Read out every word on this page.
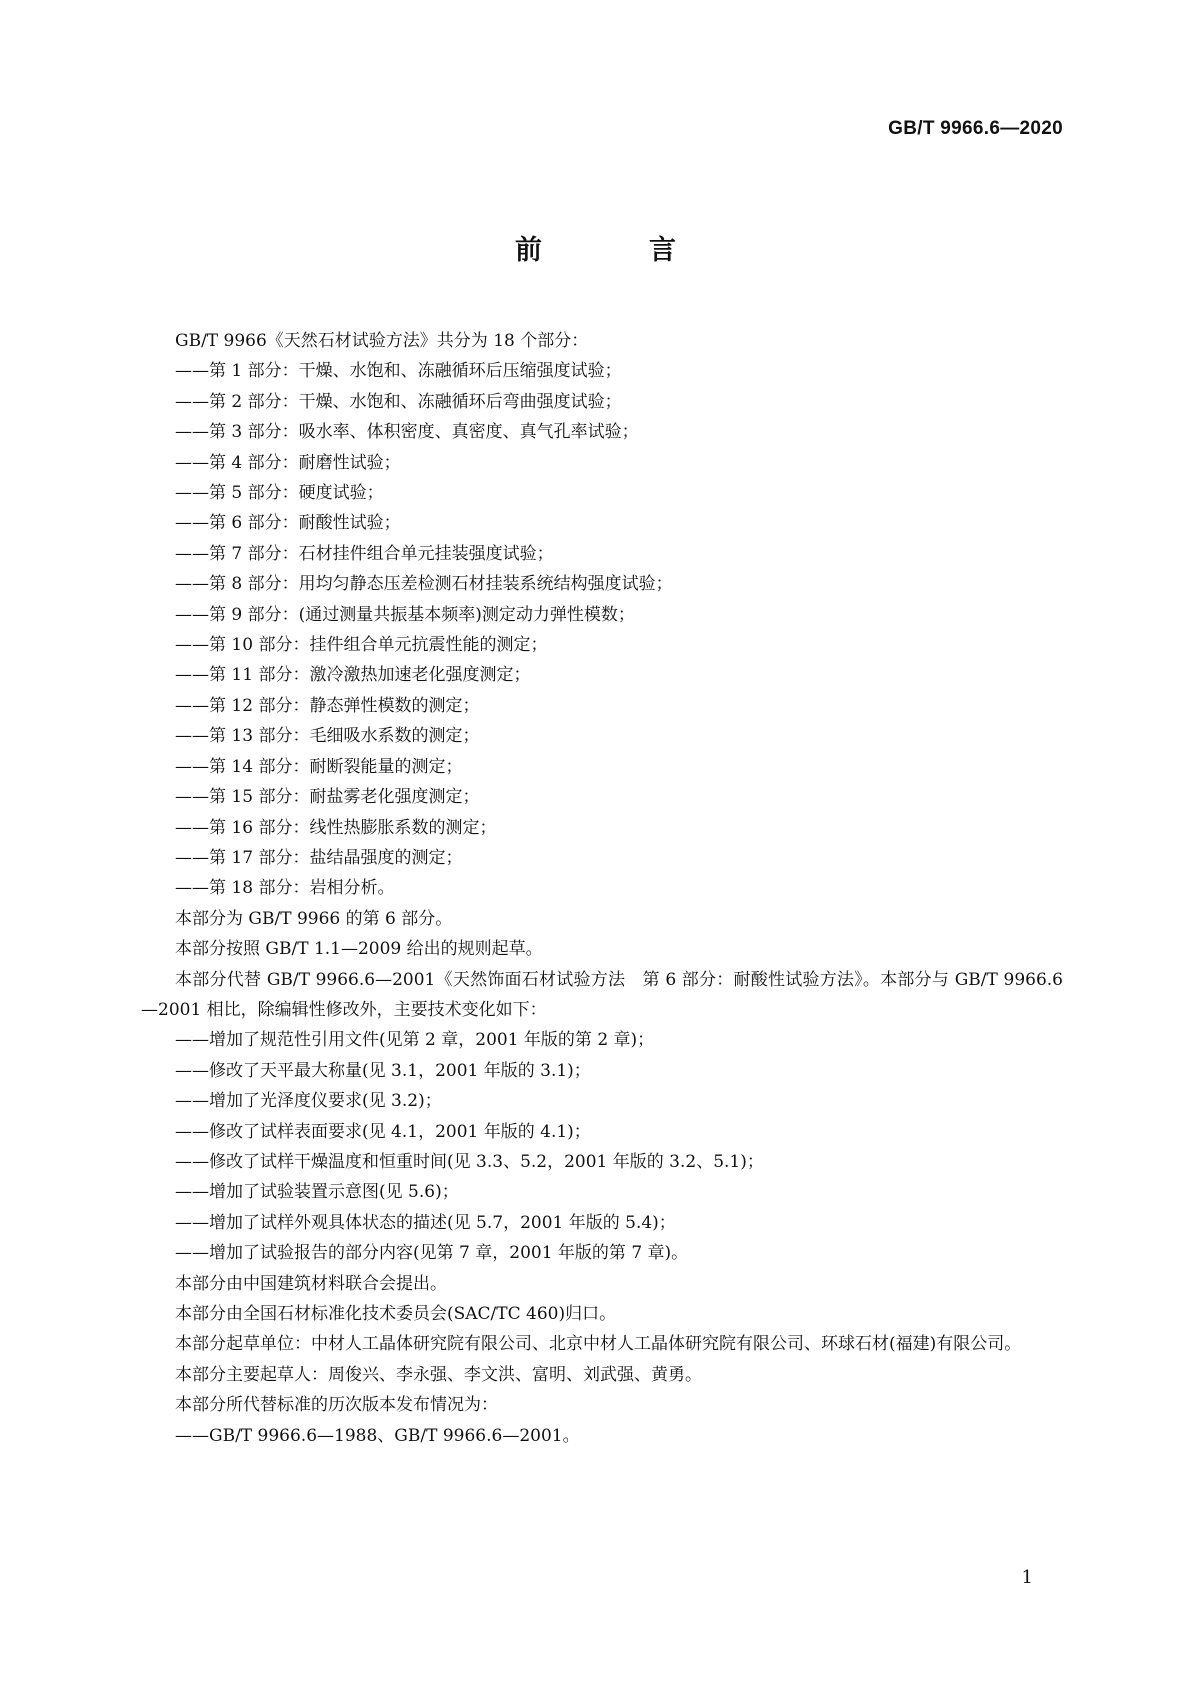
GB/T 9966.6—2020
前　言

GB/T 9966《天然石材试验方法》共分为 18 个部分：

——第 1 部分：干燥、水饱和、冻融循环后压缩强度试验；

——第 2 部分：干燥、水饱和、冻融循环后弯曲强度试验；

——第 3 部分：吸水率、体积密度、真密度、真气孔率试验；

——第 4 部分：耐磨性试验；

——第 5 部分：硬度试验；

——第 6 部分：耐酸性试验；

——第 7 部分：石材挂件组合单元挂装强度试验；

——第 8 部分：用均匀静态压差检测石材挂装系统结构强度试验；

——第 9 部分：(通过测量共振基本频率)测定动力弹性模数；

——第 10 部分：挂件组合单元抗震性能的测定；

——第 11 部分：激冷激热加速老化强度测定；

——第 12 部分：静态弹性模数的测定；

——第 13 部分：毛细吸水系数的测定；

——第 14 部分：耐断裂能量的测定；

——第 15 部分：耐盐雾老化强度测定；

——第 16 部分：线性热膨胀系数的测定；

——第 17 部分：盐结晶强度的测定；

——第 18 部分：岩相分析。

本部分为 GB/T 9966 的第 6 部分。

本部分按照 GB/T 1.1—2009 给出的规则起草。

本部分代替 GB/T 9966.6—2001《天然饰面石材试验方法　第 6 部分：耐酸性试验方法》。本部分与 GB/T 9966.6—2001 相比，除编辑性修改外，主要技术变化如下：

——增加了规范性引用文件(见第 2 章，2001 年版的第 2 章)；

——修改了天平最大称量(见 3.1，2001 年版的 3.1)；

——增加了光泽度仪要求(见 3.2)；

——修改了试样表面要求(见 4.1，2001 年版的 4.1)；

——修改了试样干燥温度和恒重时间(见 3.3、5.2，2001 年版的 3.2、5.1)；

——增加了试验装置示意图(见 5.6)；

——增加了试样外观具体状态的描述(见 5.7，2001 年版的 5.4)；

——增加了试验报告的部分内容(见第 7 章，2001 年版的第 7 章)。

本部分由中国建筑材料联合会提出。

本部分由全国石材标准化技术委员会(SAC/TC 460)归口。

本部分起草单位：中材人工晶体研究院有限公司、北京中材人工晶体研究院有限公司、环球石材(福建)有限公司。

本部分主要起草人：周俊兴、李永强、李文洪、富明、刘武强、黄勇。

本部分所代替标准的历次版本发布情况为：

——GB/T 9966.6—1988、GB/T 9966.6—2001。

1
